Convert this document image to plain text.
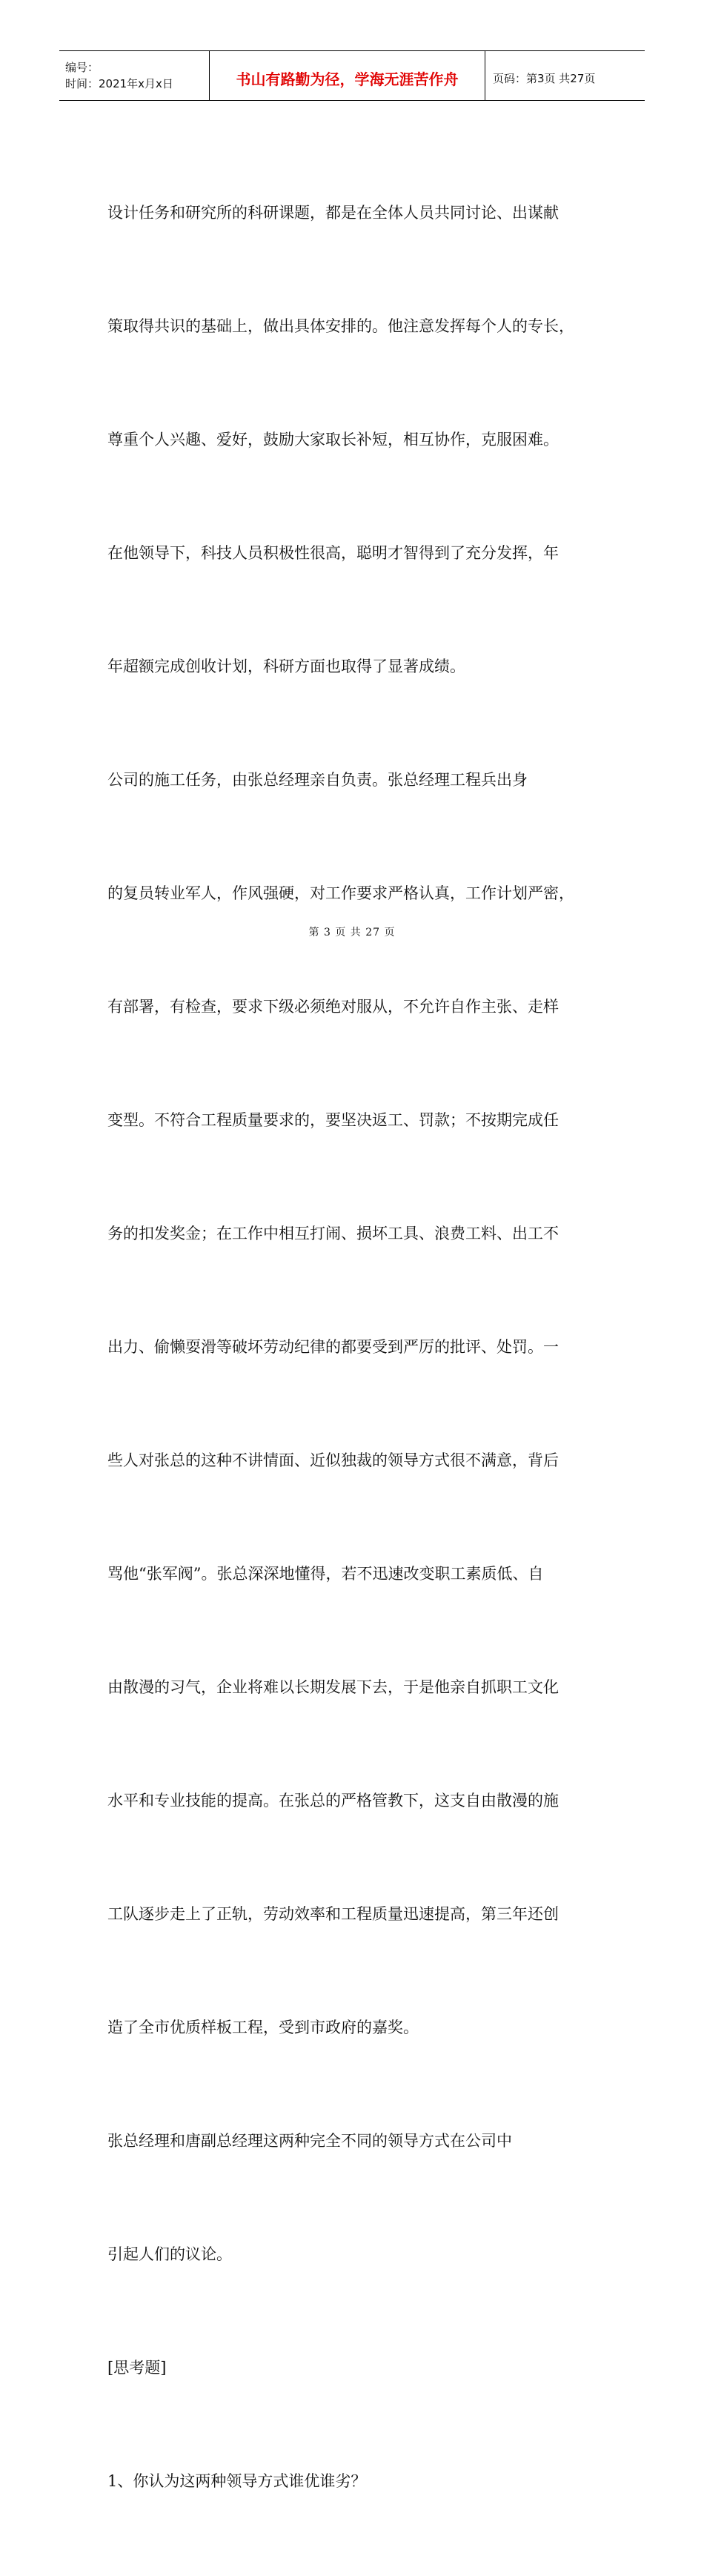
编号：
时间：2021年x月x日	书山有路勤为径，学海无涯苦作舟	页码：第3页 共27页

设计任务和研究所的科研课题，都是在全体人员共同讨论、出谋献

策取得共识的基础上，做出具体安排的。他注意发挥每个人的专长，

尊重个人兴趣、爱好，鼓励大家取长补短，相互协作，克服困难。

在他领导下，科技人员积极性很高，聪明才智得到了充分发挥，年

年超额完成创收计划，科研方面也取得了显著成绩。

公司的施工任务，由张总经理亲自负责。张总经理工程兵出身

的复员转业军人，作风强硬，对工作要求严格认真，工作计划严密，

有部署，有检查，要求下级必须绝对服从，不允许自作主张、走样

变型。不符合工程质量要求的，要坚决返工、罚款；不按期完成任

务的扣发奖金；在工作中相互打闹、损坏工具、浪费工料、出工不

出力、偷懒耍滑等破坏劳动纪律的都要受到严厉的批评、处罚。一

些人对张总的这种不讲情面、近似独裁的领导方式很不满意，背后

骂他“张军阀”。张总深深地懂得，若不迅速改变职工素质低、自

由散漫的习气，企业将难以长期发展下去，于是他亲自抓职工文化

水平和专业技能的提高。在张总的严格管教下，这支自由散漫的施

工队逐步走上了正轨，劳动效率和工程质量迅速提高，第三年还创

造了全市优质样板工程，受到市政府的嘉奖。

张总经理和唐副总经理这两种完全不同的领导方式在公司中

引起人们的议论。

[思考题]

1、你认为这两种领导方式谁优谁劣？

第 3 页 共 27 页
